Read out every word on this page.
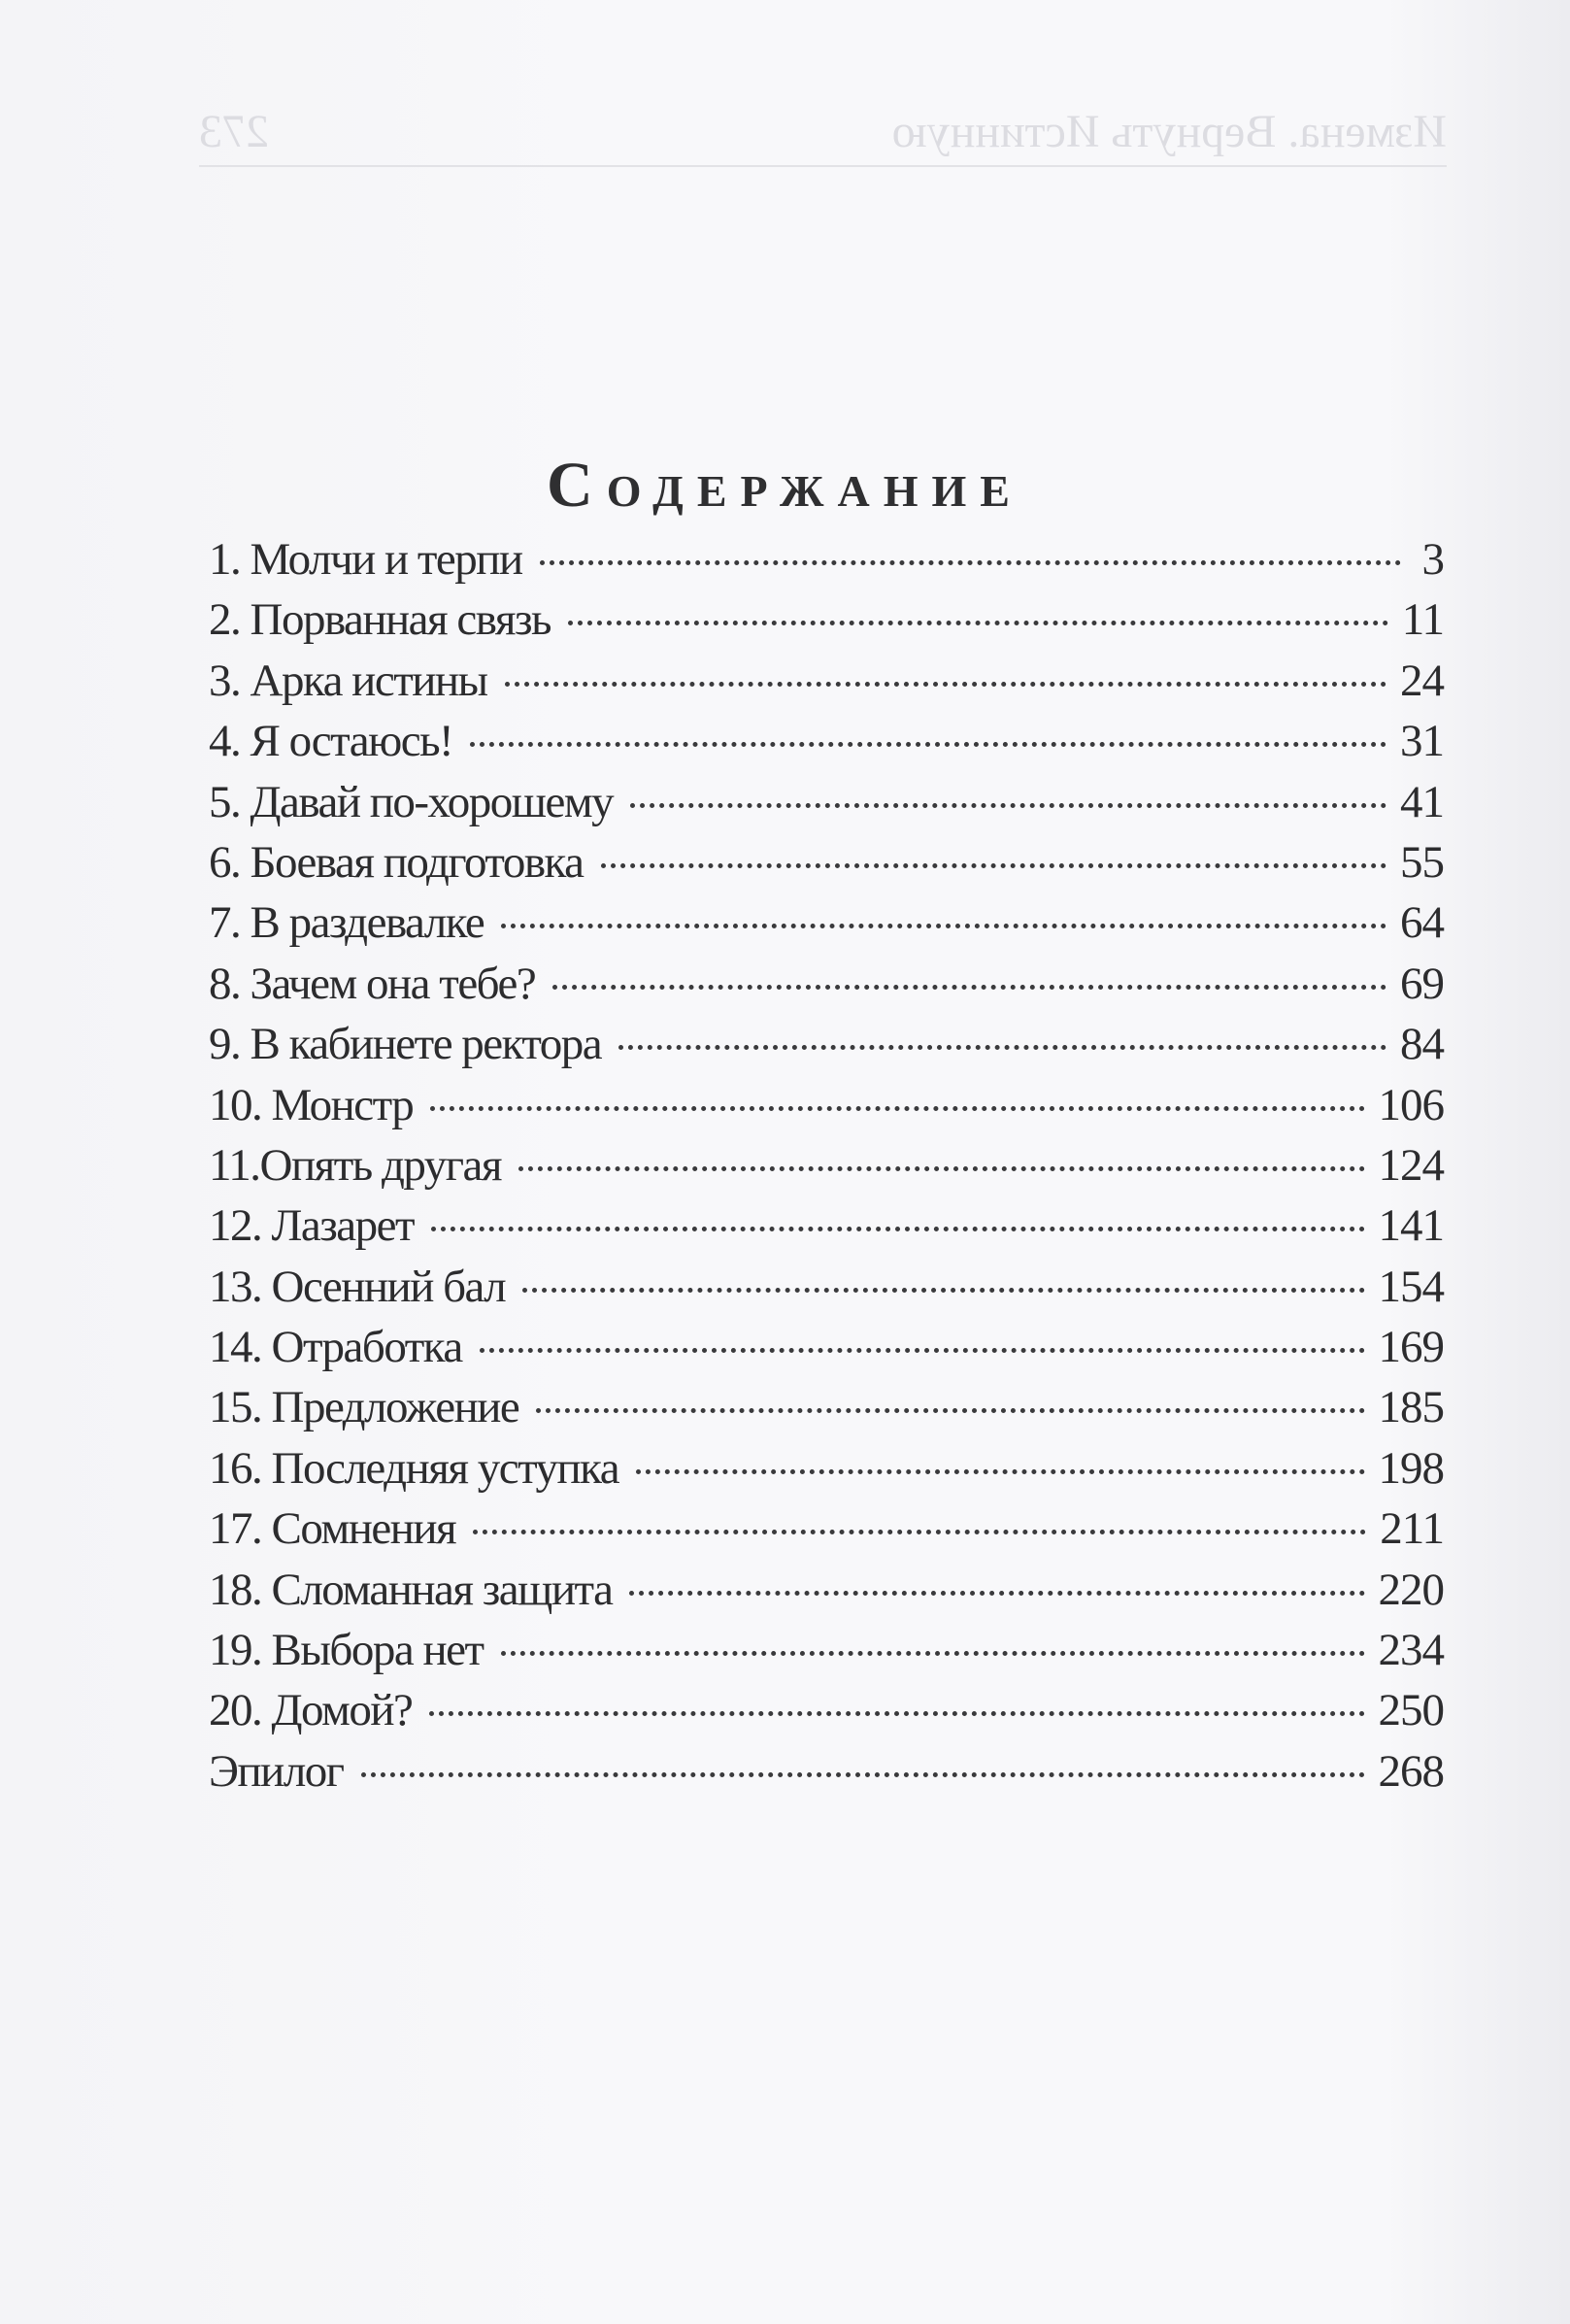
Измена. Вернуть Истинную
273
Содержание
1. Молчи и терпи	3
2. Порванная связь	11
3. Арка истины	24
4. Я остаюсь!	31
5. Давай по-хорошему	41
6. Боевая подготовка	55
7. В раздевалке	64
8. Зачем она тебе?	69
9. В кабинете ректора	84
10. Монстр	106
11.Опять другая	124
12. Лазарет	141
13. Осенний бал	154
14. Отработка	169
15. Предложение	185
16. Последняя уступка	198
17. Сомнения	211
18. Сломанная защита	220
19. Выбора нет	234
20. Домой?	250
Эпилог	268
